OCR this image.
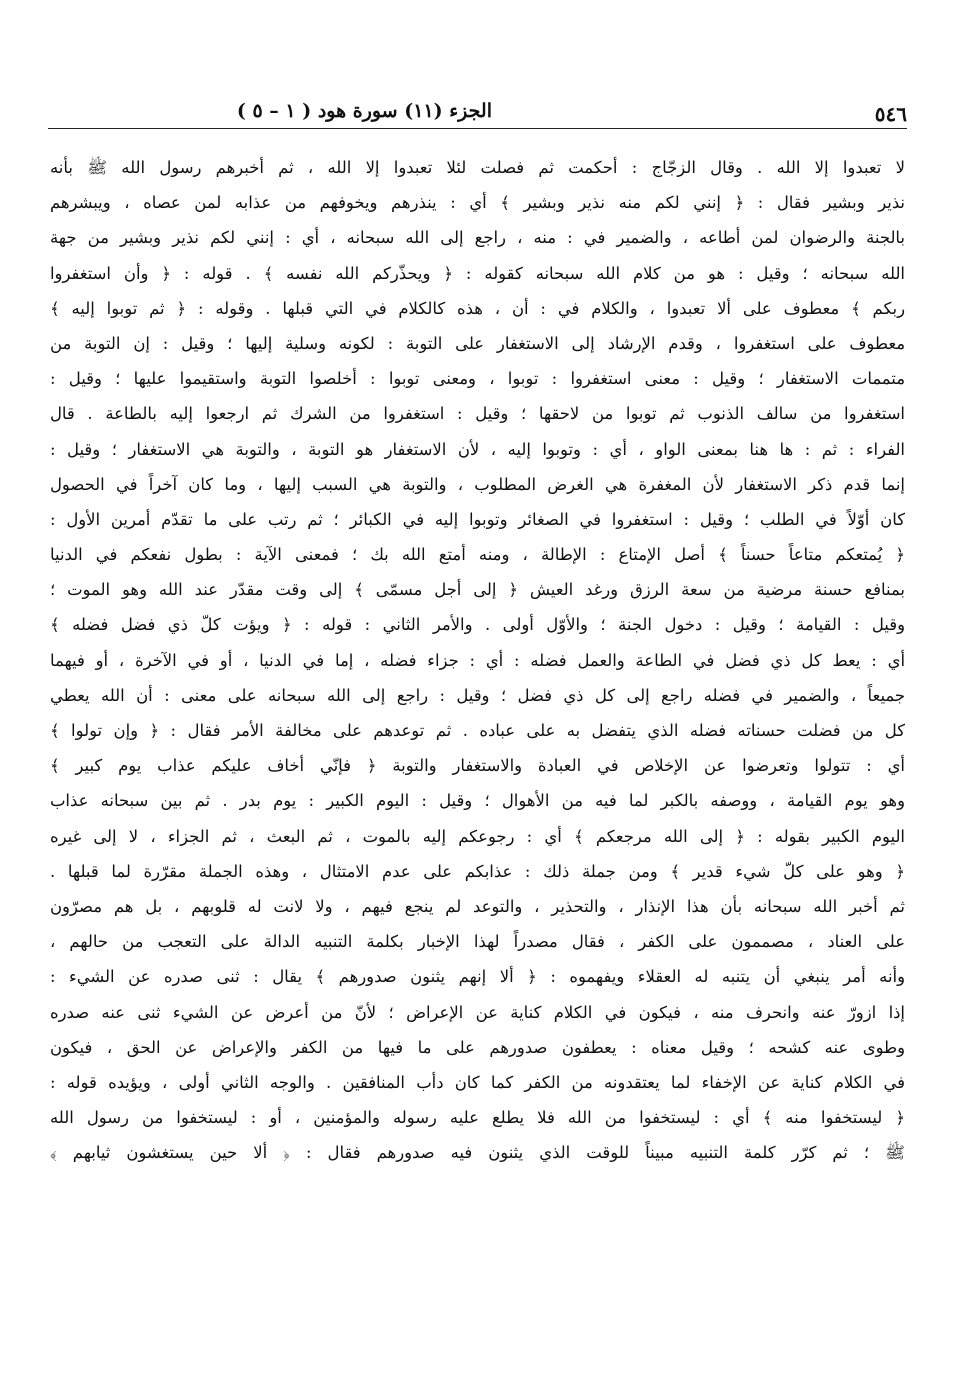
٥٤٦
الجزء (١١) سورة هود ( ١ – ٥ )
لا تعبدوا إلا الله . وقال الزجّاج : أحكمت ثم فصلت لئلا تعبدوا إلا الله ، ثم أخبرهم رسول الله ﷺ بأنه
نذير وبشير فقال : ﴿ إنني لكم منه نذير وبشير ﴾ أي : ينذرهم ويخوفهم من عذابه لمن عصاه ، ويبشرهم
بالجنة والرضوان لمن أطاعه ، والضمير في : منه ، راجع إلى الله سبحانه ، أي : إنني لكم نذير وبشير من جهة
الله سبحانه ؛ وقيل : هو من كلام الله سبحانه كقوله : ﴿ ويحذّركم الله نفسه ﴾ . قوله : ﴿ وأن استغفروا
ربكم ﴾ معطوف على ألا تعبدوا ، والكلام في : أن ، هذه كالكلام في التي قبلها . وقوله : ﴿ ثم توبوا إليه ﴾
معطوف على استغفروا ، وقدم الإرشاد إلى الاستغفار على التوبة : لكونه وسلية إليها ؛ وقيل : إن التوبة من
متممات الاستغفار ؛ وقيل : معنى استغفروا : توبوا ، ومعنى توبوا : أخلصوا التوبة واستقيموا عليها ؛ وقيل :
استغفروا من سالف الذنوب ثم توبوا من لاحقها ؛ وقيل : استغفروا من الشرك ثم ارجعوا إليه بالطاعة . قال
الفراء : ثم : ها هنا بمعنى الواو ، أي : وتوبوا إليه ، لأن الاستغفار هو التوبة ، والتوبة هي الاستغفار ؛ وقيل :
إنما قدم ذكر الاستغفار لأن المغفرة هي الغرض المطلوب ، والتوبة هي السبب إليها ، وما كان آخراً في الحصول
كان أوّلاً في الطلب ؛ وقيل : استغفروا في الصغائر وتوبوا إليه في الكبائر ؛ ثم رتب على ما تقدّم أمرين الأول :
﴿ يُمتعكم متاعاً حسناً ﴾ أصل الإمتاع : الإطالة ، ومنه أمتع الله بك ؛ فمعنى الآية : بطول نفعكم في الدنيا
بمنافع حسنة مرضية من سعة الرزق ورغد العيش ﴿ إلى أجل مسمّى ﴾ إلى وقت مقدّر عند الله وهو الموت ؛
وقيل : القيامة ؛ وقيل : دخول الجنة ؛ والأوّل أولى . والأمر الثاني : قوله : ﴿ ويؤت كلّ ذي فضل فضله ﴾
أي : يعط كل ذي فضل في الطاعة والعمل فضله : أي : جزاء فضله ، إما في الدنيا ، أو في الآخرة ، أو فيهما
جميعاً ، والضمير في فضله راجع إلى كل ذي فضل ؛ وقيل : راجع إلى الله سبحانه على معنى : أن الله يعطي
كل من فضلت حسناته فضله الذي يتفضل به على عباده . ثم توعدهم على مخالفة الأمر فقال : ﴿ وإن تولوا ﴾
أي : تتولوا وتعرضوا عن الإخلاص في العبادة والاستغفار والتوبة ﴿ فإنّي أخاف عليكم عذاب يوم كبير ﴾
وهو يوم القيامة ، ووصفه بالكبر لما فيه من الأهوال ؛ وقيل : اليوم الكبير : يوم بدر . ثم بين سبحانه عذاب
اليوم الكبير بقوله : ﴿ إلى الله مرجعكم ﴾ أي : رجوعكم إليه بالموت ، ثم البعث ، ثم الجزاء ، لا إلى غيره
﴿ وهو على كلّ شيء قدير ﴾ ومن جملة ذلك : عذابكم على عدم الامتثال ، وهذه الجملة مقرّرة لما قبلها .
ثم أخبر الله سبحانه بأن هذا الإنذار ، والتحذير ، والتوعد لم ينجع فيهم ، ولا لانت له قلوبهم ، بل هم مصرّون
على العناد ، مصممون على الكفر ، فقال مصدراً لهذا الإخبار بكلمة التنبيه الدالة على التعجب من حالهم ،
وأنه أمر ينبغي أن يتنبه له العقلاء ويفهموه : ﴿ ألا إنهم يثنون صدورهم ﴾ يقال : ثنى صدره عن الشيء :
إذا ازورّ عنه وانحرف منه ، فيكون في الكلام كناية عن الإعراض ؛ لأنّ من أعرض عن الشيء ثنى عنه صدره
وطوى عنه كشحه ؛ وقيل معناه : يعطفون صدورهم على ما فيها من الكفر والإعراض عن الحق ، فيكون
في الكلام كناية عن الإخفاء لما يعتقدونه من الكفر كما كان دأب المنافقين . والوجه الثاني أولى ، ويؤيده قوله :
﴿ ليستخفوا منه ﴾ أي : ليستخفوا من الله فلا يطلع عليه رسوله والمؤمنين ، أو : ليستخفوا من رسول الله
ﷺ ؛ ثم كرّر كلمة التنبيه مبيناً للوقت الذي يثنون فيه صدورهم فقال : ﴿ ألا حين يستغشون ثيابهم ﴾
